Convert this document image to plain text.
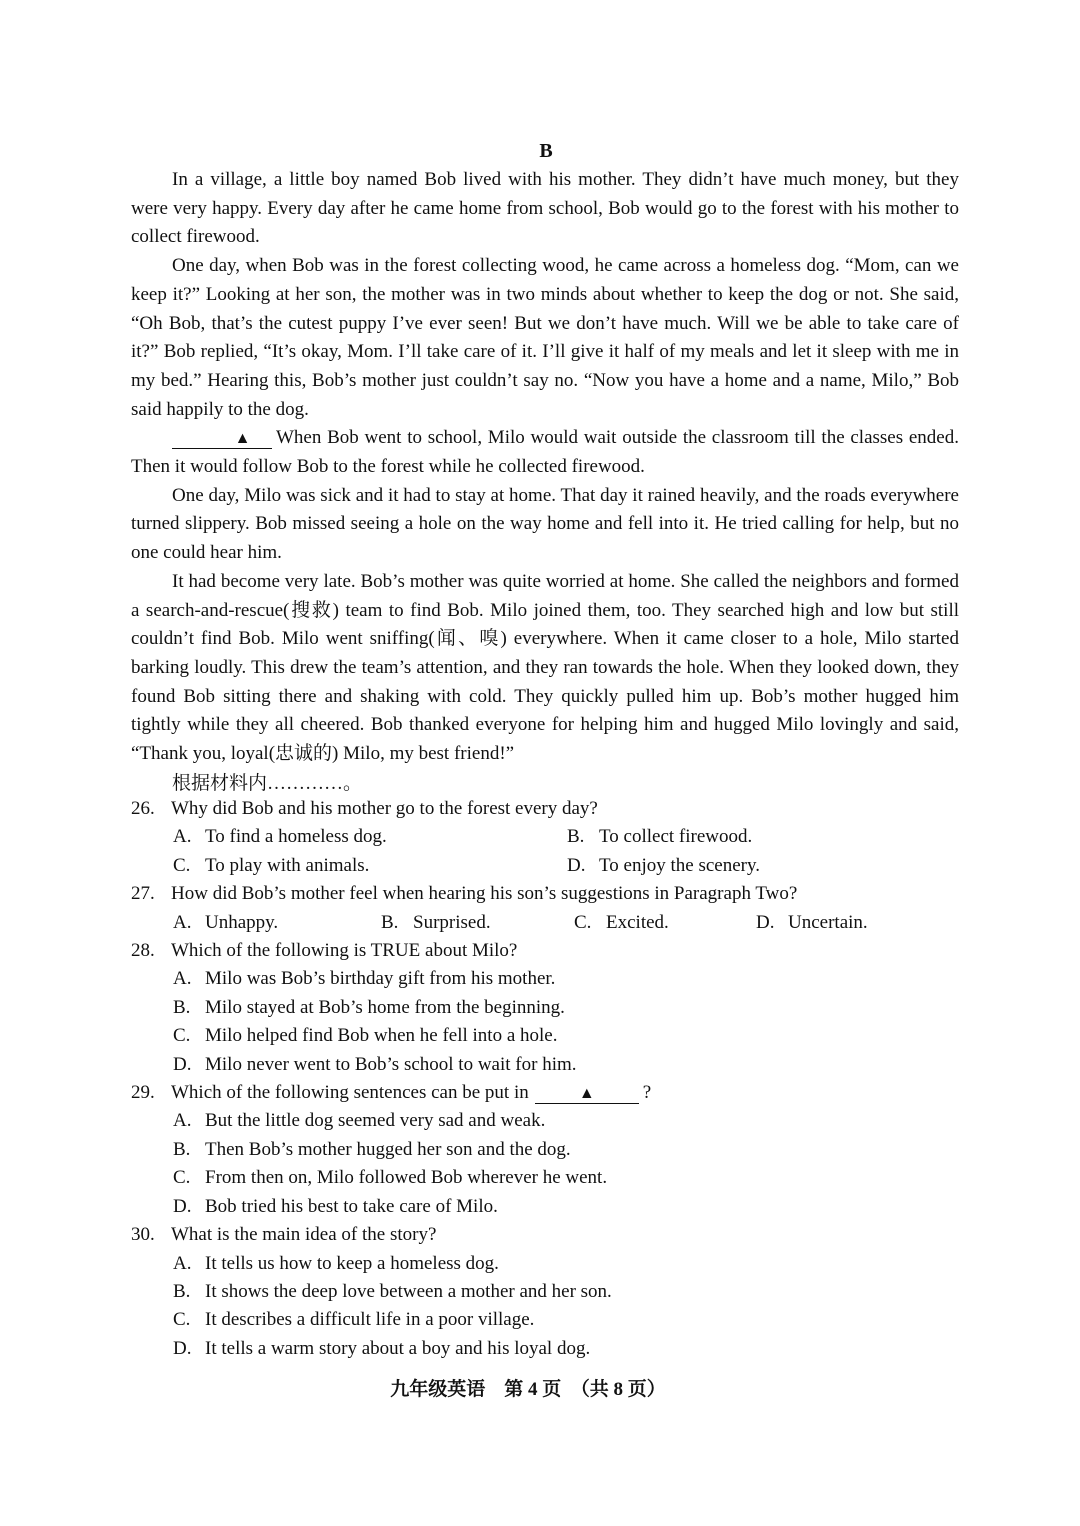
B

In a village, a little boy named Bob lived with his mother. They didn’t have much money, but they were very happy. Every day after he came home from school, Bob would go to the forest with his mother to collect firewood.

One day, when Bob was in the forest collecting wood, he came across a homeless dog. “Mom, can we keep it?” Looking at her son, the mother was in two minds about whether to keep the dog or not. She said, “Oh Bob, that’s the cutest puppy I’ve ever seen! But we don’t have much. Will we be able to take care of it?” Bob replied, “It’s okay, Mom. I’ll take care of it. I’ll give it half of my meals and let it sleep with me in my bed.” Hearing this, Bob’s mother just couldn’t say no. “Now you have a home and a name, Milo,” Bob said happily to the dog.

▲ When Bob went to school, Milo would wait outside the classroom till the classes ended. Then it would follow Bob to the forest while he collected firewood.

One day, Milo was sick and it had to stay at home. That day it rained heavily, and the roads everywhere turned slippery. Bob missed seeing a hole on the way home and fell into it. He tried calling for help, but no one could hear him.

It had become very late. Bob’s mother was quite worried at home. She called the neighbors and formed a search-and-rescue(搜救) team to find Bob. Milo joined them, too. They searched high and low but still couldn’t find Bob. Milo went sniffing(闻、嗅) everywhere. When it came closer to a hole, Milo started barking loudly. This drew the team’s attention, and they ran towards the hole. When they looked down, they found Bob sitting there and shaking with cold. They quickly pulled him up. Bob’s mother hugged him tightly while they all cheered. Bob thanked everyone for helping him and hugged Milo lovingly and said, “Thank you, loyal(忠诚的) Milo, my best friend!”

根据材料内…………。
26. Why did Bob and his mother go to the forest every day?
A. To find a homeless dog.	B. To collect firewood.
C. To play with animals.	D. To enjoy the scenery.
27. How did Bob’s mother feel when hearing his son’s suggestions in Paragraph Two?
A. Unhappy.	B. Surprised.	C. Excited.	D. Uncertain.
28. Which of the following is TRUE about Milo?
A. Milo was Bob’s birthday gift from his mother.
B. Milo stayed at Bob’s home from the beginning.
C. Milo helped find Bob when he fell into a hole.
D. Milo never went to Bob’s school to wait for him.
29. Which of the following sentences can be put in	▲	?
A. But the little dog seemed very sad and weak.
B. Then Bob’s mother hugged her son and the dog.
C. From then on, Milo followed Bob wherever he went.
D. Bob tried his best to take care of Milo.
30. What is the main idea of the story?
A. It tells us how to keep a homeless dog.
B. It shows the deep love between a mother and her son.
C. It describes a difficult life in a poor village.
D. It tells a warm story about a boy and his loyal dog.
九年级英语　第 4 页　（共 8 页）
